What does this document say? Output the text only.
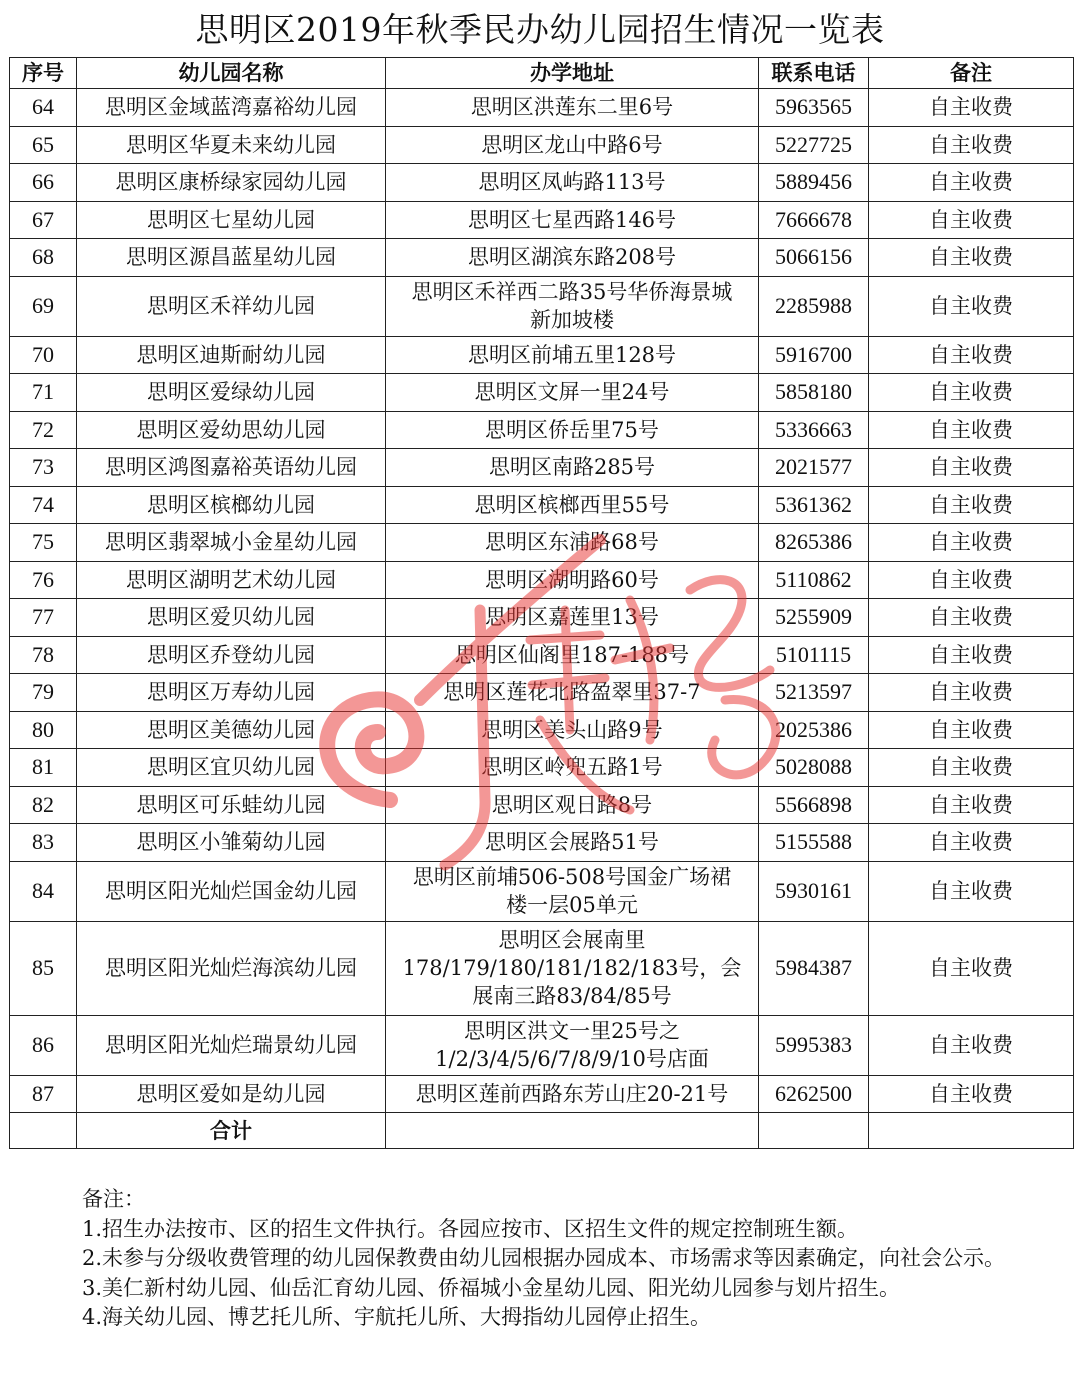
思明区2019年秋季民办幼儿园招生情况一览表
序号	幼儿园名称	办学地址	联系电话	备注
64	思明区金域蓝湾嘉裕幼儿园	思明区洪莲东二里6号	5963565	自主收费
65	思明区华夏未来幼儿园	思明区龙山中路6号	5227725	自主收费
66	思明区康桥绿家园幼儿园	思明区凤屿路113号	5889456	自主收费
67	思明区七星幼儿园	思明区七星西路146号	7666678	自主收费
68	思明区源昌蓝星幼儿园	思明区湖滨东路208号	5066156	自主收费
69	思明区禾祥幼儿园	思明区禾祥西二路35号华侨海景城
新加坡楼	2285988	自主收费
70	思明区迪斯耐幼儿园	思明区前埔五里128号	5916700	自主收费
71	思明区爱绿幼儿园	思明区文屏一里24号	5858180	自主收费
72	思明区爱幼思幼儿园	思明区侨岳里75号	5336663	自主收费
73	思明区鸿图嘉裕英语幼儿园	思明区南路285号	2021577	自主收费
74	思明区槟榔幼儿园	思明区槟榔西里55号	5361362	自主收费
75	思明区翡翠城小金星幼儿园	思明区东浦路68号	8265386	自主收费
76	思明区湖明艺术幼儿园	思明区湖明路60号	5110862	自主收费
77	思明区爱贝幼儿园	思明区嘉莲里13号	5255909	自主收费
78	思明区乔登幼儿园	思明区仙阁里187-188号	5101115	自主收费
79	思明区万寿幼儿园	思明区莲花北路盈翠里37-7	5213597	自主收费
80	思明区美德幼儿园	思明区美头山路9号	2025386	自主收费
81	思明区宜贝幼儿园	思明区岭兜五路1号	5028088	自主收费
82	思明区可乐蛙幼儿园	思明区观日路8号	5566898	自主收费
83	思明区小雏菊幼儿园	思明区会展路51号	5155588	自主收费
84	思明区阳光灿烂国金幼儿园	思明区前埔506-508号国金广场裙
楼一层05单元	5930161	自主收费
85	思明区阳光灿烂海滨幼儿园	思明区会展南里
178/179/180/181/182/183号，会
展南三路83/84/85号	5984387	自主收费
86	思明区阳光灿烂瑞景幼儿园	思明区洪文一里25号之
1/2/3/4/5/6/7/8/9/10号店面	5995383	自主收费
87	思明区爱如是幼儿园	思明区莲前西路东芳山庄20-21号	6262500	自主收费
	合计			

备注：

1.招生办法按市、区的招生文件执行。各园应按市、区招生文件的规定控制班生额。

2.未参与分级收费管理的幼儿园保教费由幼儿园根据办园成本、市场需求等因素确定，向社会公示。

3.美仁新村幼儿园、仙岳汇育幼儿园、侨福城小金星幼儿园、阳光幼儿园参与划片招生。

4.海关幼儿园、博艺托儿所、宇航托儿所、大拇指幼儿园停止招生。
